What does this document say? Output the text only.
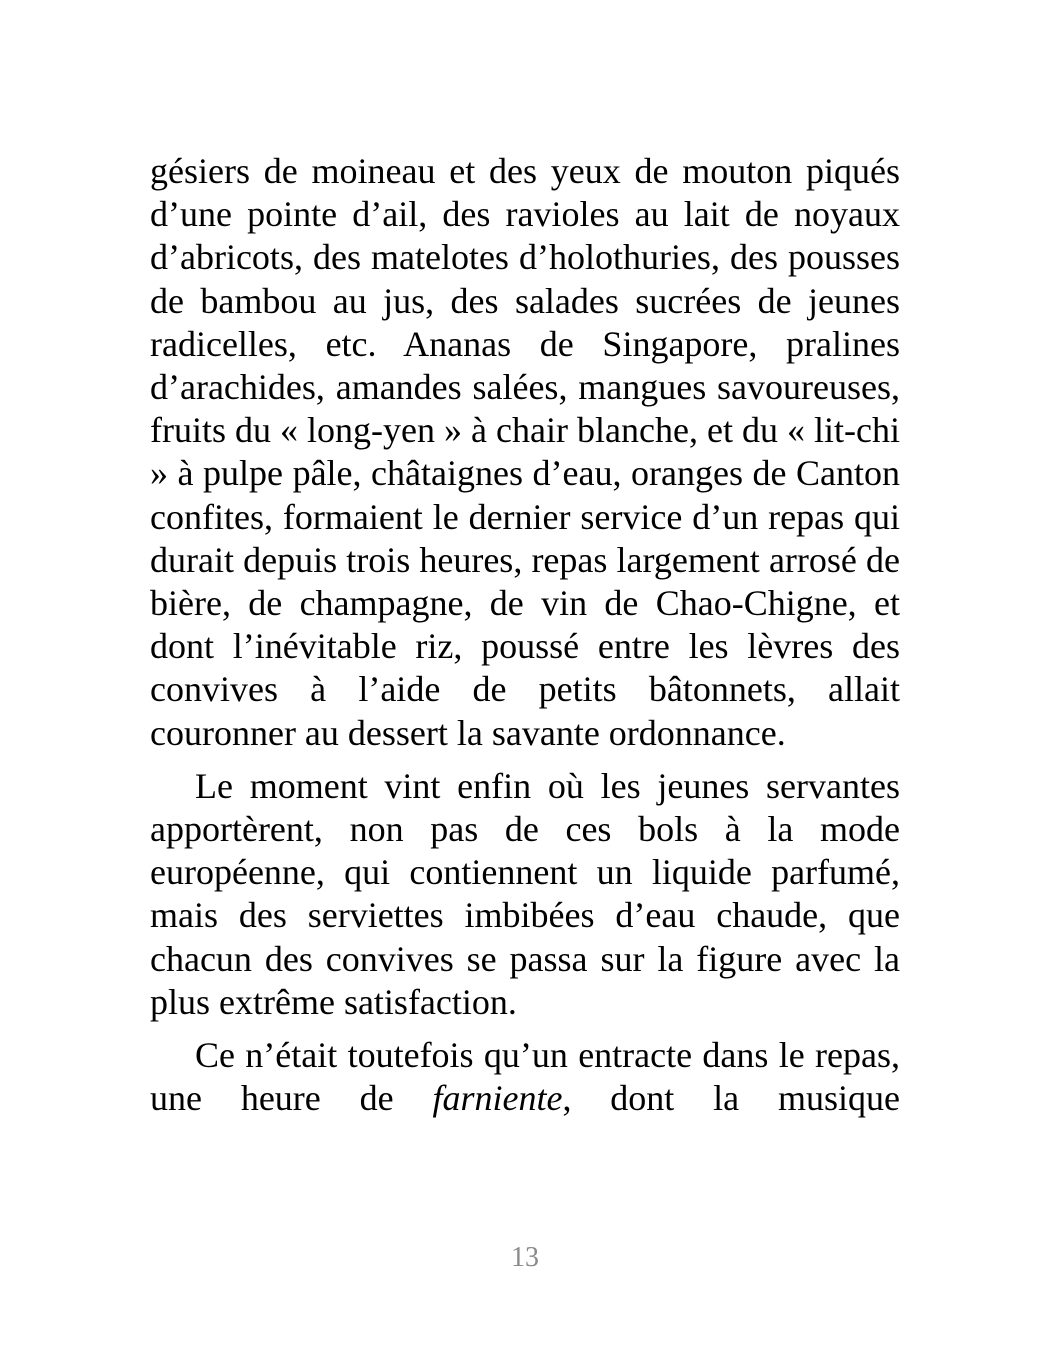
gésiers de moineau et des yeux de mouton piqués d’une pointe d’ail, des ravioles au lait de noyaux d’abricots, des matelotes d’holothuries, des pousses de bambou au jus, des salades sucrées de jeunes radicelles, etc. Ananas de Singapore, pralines d’arachides, amandes salées, mangues savoureuses, fruits du « long-yen » à chair blanche, et du « lit-chi » à pulpe pâle, châtaignes d’eau, oranges de Canton confites, formaient le dernier service d’un repas qui durait depuis trois heures, repas largement arrosé de bière, de champagne, de vin de Chao-Chigne, et dont l’inévitable riz, poussé entre les lèvres des convives à l’aide de petits bâtonnets, allait couronner au dessert la savante ordonnance.

Le moment vint enfin où les jeunes servantes apportèrent, non pas de ces bols à la mode européenne, qui contiennent un liquide parfumé, mais des serviettes imbibées d’eau chaude, que chacun des convives se passa sur la figure avec la plus extrême satisfaction.

Ce n’était toutefois qu’un entracte dans le repas, une heure de farniente, dont la musique

13
